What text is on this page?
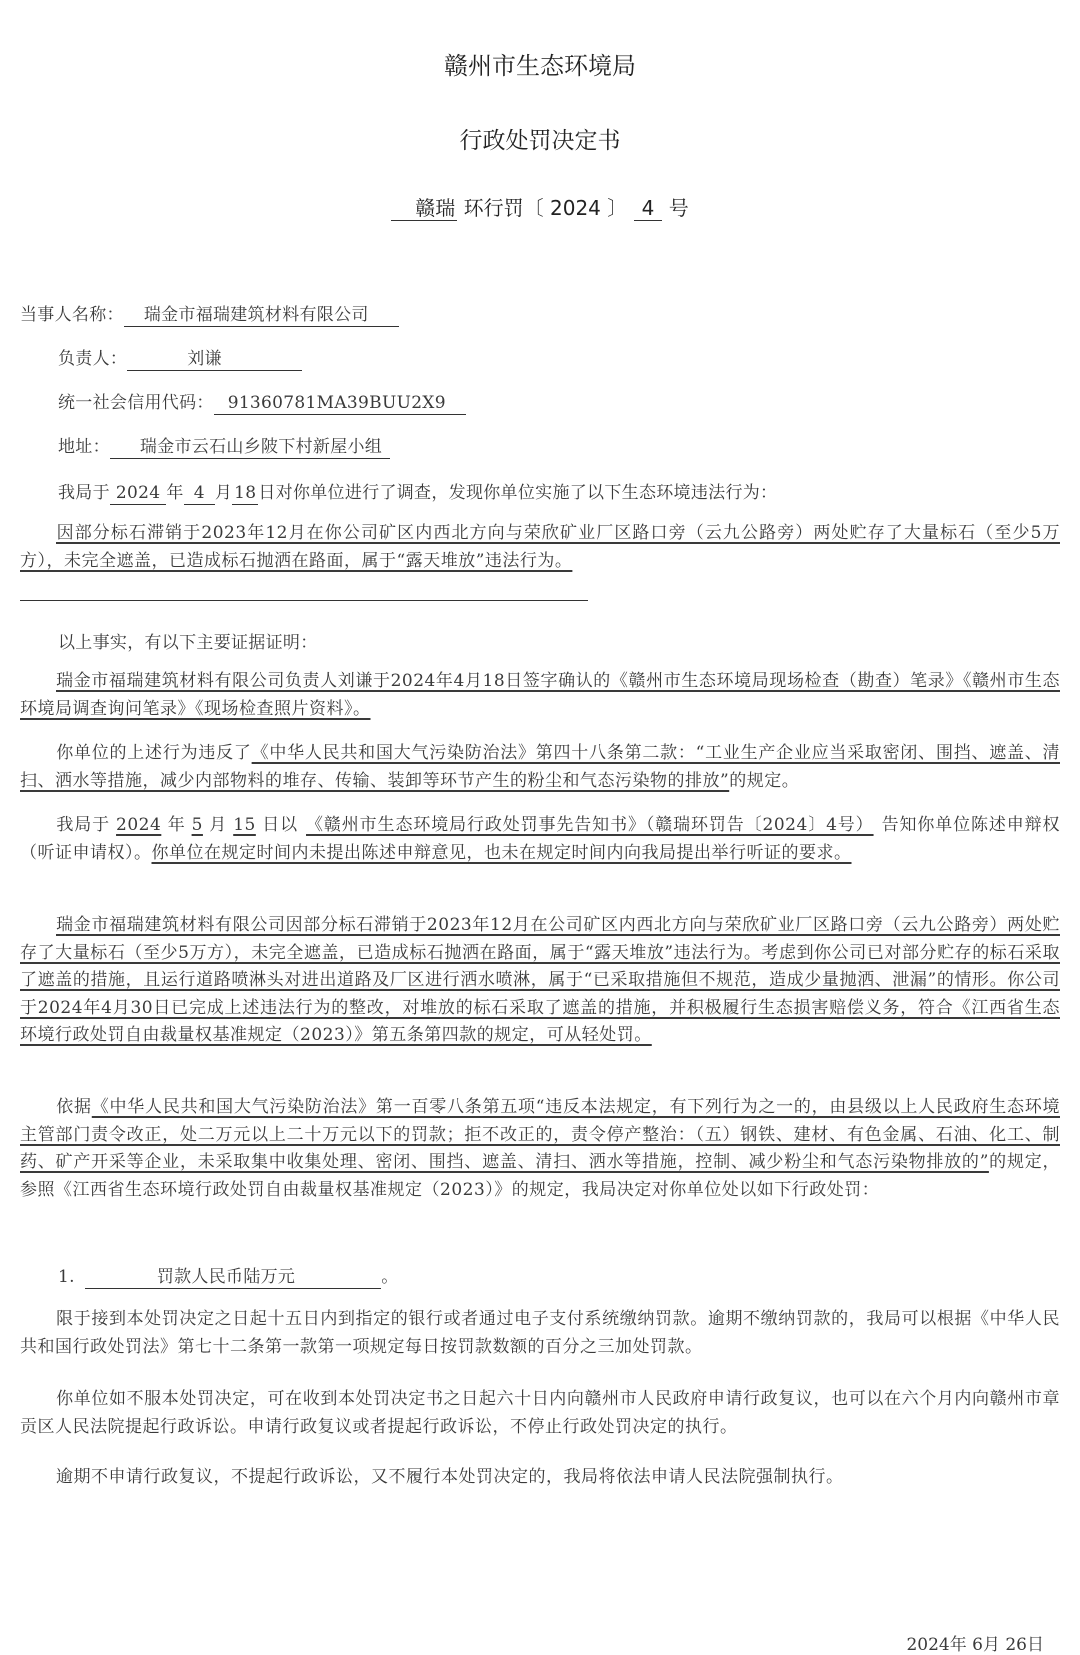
赣州市生态环境局
行政处罚决定书
赣瑞 环行罚〔 2024 〕 4 号
当事人名称： 瑞金市福瑞建筑材料有限公司
负责人：	刘谦
统一社会信用代码： 91360781MA39BUU2X9
地址： 瑞金市云石山乡陂下村新屋小组
我局于 2024 年 4 月 18 日对你单位进行了调查，发现你单位实施了以下生态环境违法行为：
因部分标石滞销于2023年12月在你公司矿区内西北方向与荣欣矿业厂区路口旁（云九公路旁）两处贮存了大量标石（至少5万方），未完全遮盖，已造成标石抛洒在路面，属于“露天堆放”违法行为。
以上事实，有以下主要证据证明：
瑞金市福瑞建筑材料有限公司负责人刘谦于2024年4月18日签字确认的《赣州市生态环境局现场检查（勘查）笔录》《赣州市生态环境局调查询问笔录》《现场检查照片资料》。
你单位的上述行为违反了《中华人民共和国大气污染防治法》第四十八条第二款：“工业生产企业应当采取密闭、围挡、遮盖、清扫、洒水等措施，减少内部物料的堆存、传输、装卸等环节产生的粉尘和气态污染物的排放”的规定。
我局于 2024 年 5 月 15 日以 《赣州市生态环境局行政处罚事先告知书》（赣瑞环罚告〔2024〕4号） 告知你单位陈述申辩权（听证申请权）。你单位在规定时间内未提出陈述申辩意见，也未在规定时间内向我局提出举行听证的要求。
瑞金市福瑞建筑材料有限公司因部分标石滞销于2023年12月在公司矿区内西北方向与荣欣矿业厂区路口旁（云九公路旁）两处贮存了大量标石（至少5万方），未完全遮盖，已造成标石抛洒在路面，属于“露天堆放”违法行为。考虑到你公司已对部分贮存的标石采取了遮盖的措施，且运行道路喷淋头对进出道路及厂区进行洒水喷淋，属于“已采取措施但不规范，造成少量抛洒、泄漏”的情形。你公司于2024年4月30日已完成上述违法行为的整改，对堆放的标石采取了遮盖的措施，并积极履行生态损害赔偿义务，符合《江西省生态环境行政处罚自由裁量权基准规定（2023）》第五条第四款的规定，可从轻处罚。
依据《中华人民共和国大气污染防治法》第一百零八条第五项“违反本法规定，有下列行为之一的，由县级以上人民政府生态环境主管部门责令改正，处二万元以上二十万元以下的罚款；拒不改正的，责令停产整治：（五）钢铁、建材、有色金属、石油、化工、制药、矿产开采等企业，未采取集中收集处理、密闭、围挡、遮盖、清扫、洒水等措施，控制、减少粉尘和气态污染物排放的”的规定，参照《江西省生态环境行政处罚自由裁量权基准规定（2023）》的规定，我局决定对你单位处以如下行政处罚：
1.	罚款人民币陆万元	。
限于接到本处罚决定之日起十五日内到指定的银行或者通过电子支付系统缴纳罚款。逾期不缴纳罚款的，我局可以根据《中华人民共和国行政处罚法》第七十二条第一款第一项规定每日按罚款数额的百分之三加处罚款。
你单位如不服本处罚决定，可在收到本处罚决定书之日起六十日内向赣州市人民政府申请行政复议，也可以在六个月内向赣州市章贡区人民法院提起行政诉讼。申请行政复议或者提起行政诉讼，不停止行政处罚决定的执行。
逾期不申请行政复议，不提起行政诉讼，又不履行本处罚决定的，我局将依法申请人民法院强制执行。
2024年 6月 26日
